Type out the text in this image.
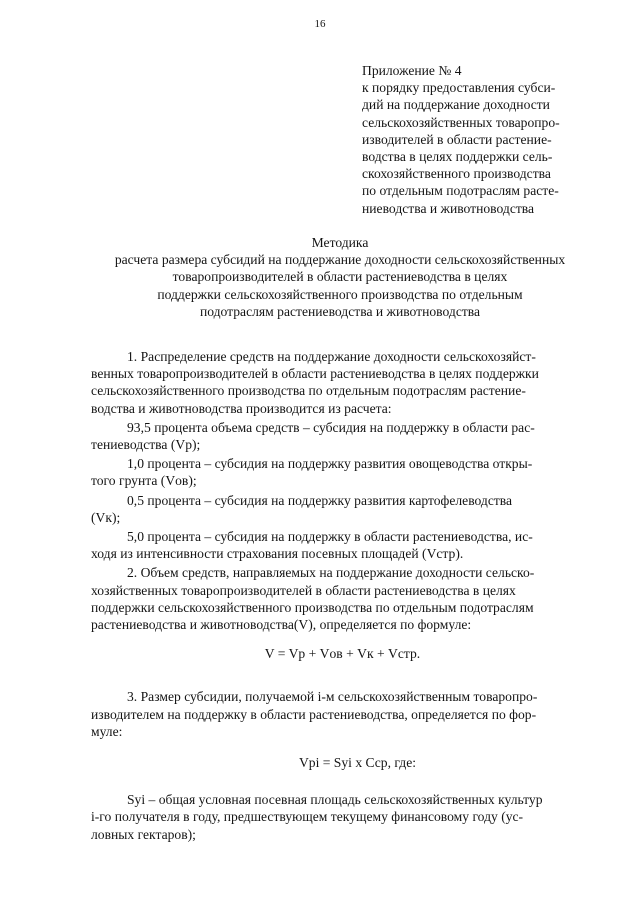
16
Приложение № 4
к порядку предоставления субси-
дий на поддержание доходности
сельскохозяйственных товаропро-
изводителей в области растение-
водства в целях поддержки сель-
скохозяйственного производства
по отдельным подотраслям расте-
ниеводства и животноводства
Методика
расчета размера субсидий на поддержание доходности сельскохозяйственных
товаропроизводителей в области растениеводства в целях
поддержки сельскохозяйственного производства по отдельным
подотраслям растениеводства и животноводства
1. Распределение средств на поддержание доходности сельскохозяйст-
венных товаропроизводителей в области растениеводства в целях поддержки
сельскохозяйственного производства по отдельным подотраслям растение-
водства и животноводства производится из расчета:
93,5 процента объема средств – субсидия на поддержку в области рас-
тениеводства (Vр);
1,0 процента – субсидия на поддержку развития овощеводства откры-
того грунта (Vов);
0,5 процента – субсидия на поддержку развития картофелеводства
(Vк);
5,0 процента – субсидия на поддержку в области растениеводства, ис-
ходя из интенсивности страхования посевных площадей (Vстр).
2. Объем средств, направляемых на поддержание доходности сельско-
хозяйственных товаропроизводителей в области растениеводства в целях
поддержки сельскохозяйственного производства по отдельным подотраслям
растениеводства и животноводства(V), определяется по формуле:
V = Vр + Vов + Vк + Vстр.
3. Размер субсидии, получаемой i-м сельскохозяйственным товаропро-
изводителем на поддержку в области растениеводства, определяется по фор-
муле:
Vрi = Syi х Сср, где:
Syi – общая условная посевная площадь сельскохозяйственных культур
i-го получателя в году, предшествующем текущему финансовому году (ус-
ловных гектаров);
